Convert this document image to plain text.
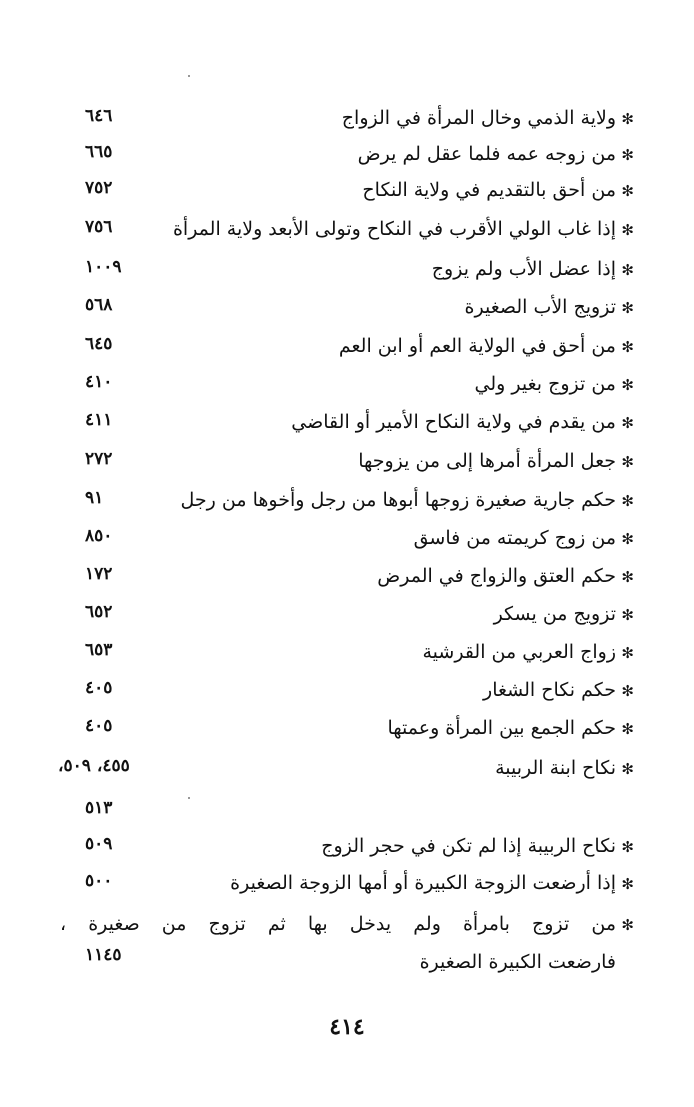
✻
ولاية الذمي وخال المرأة في الزواج
٦٤٦
✻
من زوجه عمه فلما عقل لم يرض
٦٦٥
✻
من أحق بالتقديم في ولاية النكاح
٧٥٢
✻
إذا غاب الولي الأقرب في النكاح وتولى الأبعد ولاية المرأة
٧٥٦
✻
إذا عضل الأب ولم يزوج
١٠٠٩
✻
تزويج الأب الصغيرة
٥٦٨
✻
من أحق في الولاية العم أو ابن العم
٦٤٥
✻
من تزوج بغير ولي
٤١٠
✻
من يقدم في ولاية النكاح الأمير أو القاضي
٤١١
✻
جعل المرأة أمرها إلى من يزوجها
٢٧٢
✻
حكم جارية صغيرة زوجها أبوها من رجل وأخوها من رجل
٩١
✻
من زوج كريمته من فاسق
٨٥٠
✻
حكم العتق والزواج في المرض
١٧٢
✻
تزويج من يسكر
٦٥٢
✻
زواج العربي من القرشية
٦٥٣
✻
حكم نكاح الشغار
٤٠٥
✻
حكم الجمع بين المرأة وعمتها
٤٠٥
✻
نكاح ابنة الربيبة
٤٥٥، ٥٠٩،
٥١٣
✻
نكاح الربيبة إذا لم تكن في حجر الزوج
٥٠٩
✻
إذا أرضعت الزوجة الكبيرة أو أمها الزوجة الصغيرة
٥٠٠
✻
من تزوج بامرأة ولم يدخل بها ثم تزوج من صغيرة ،
فارضعت الكبيرة الصغيرة
١١٤٥
٤١٤
